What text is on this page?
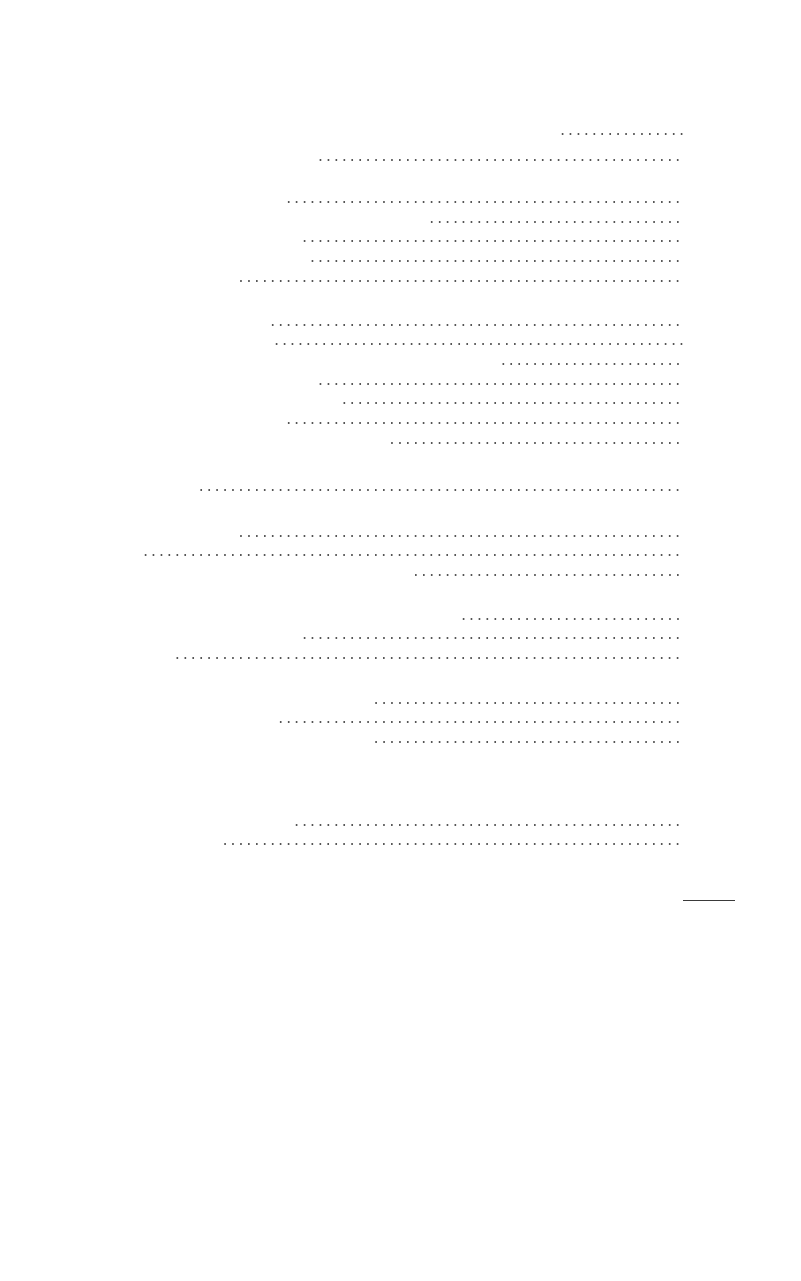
................
..............................................
..................................................
................................
................................................
...............................................
........................................................
....................................................
....................................................
.......................
..............................................
...........................................
..................................................
.....................................
.............................................................
........................................................
....................................................................
..................................
............................
................................................
................................................................
.......................................
...................................................
.......................................
.................................................
..........................................................
